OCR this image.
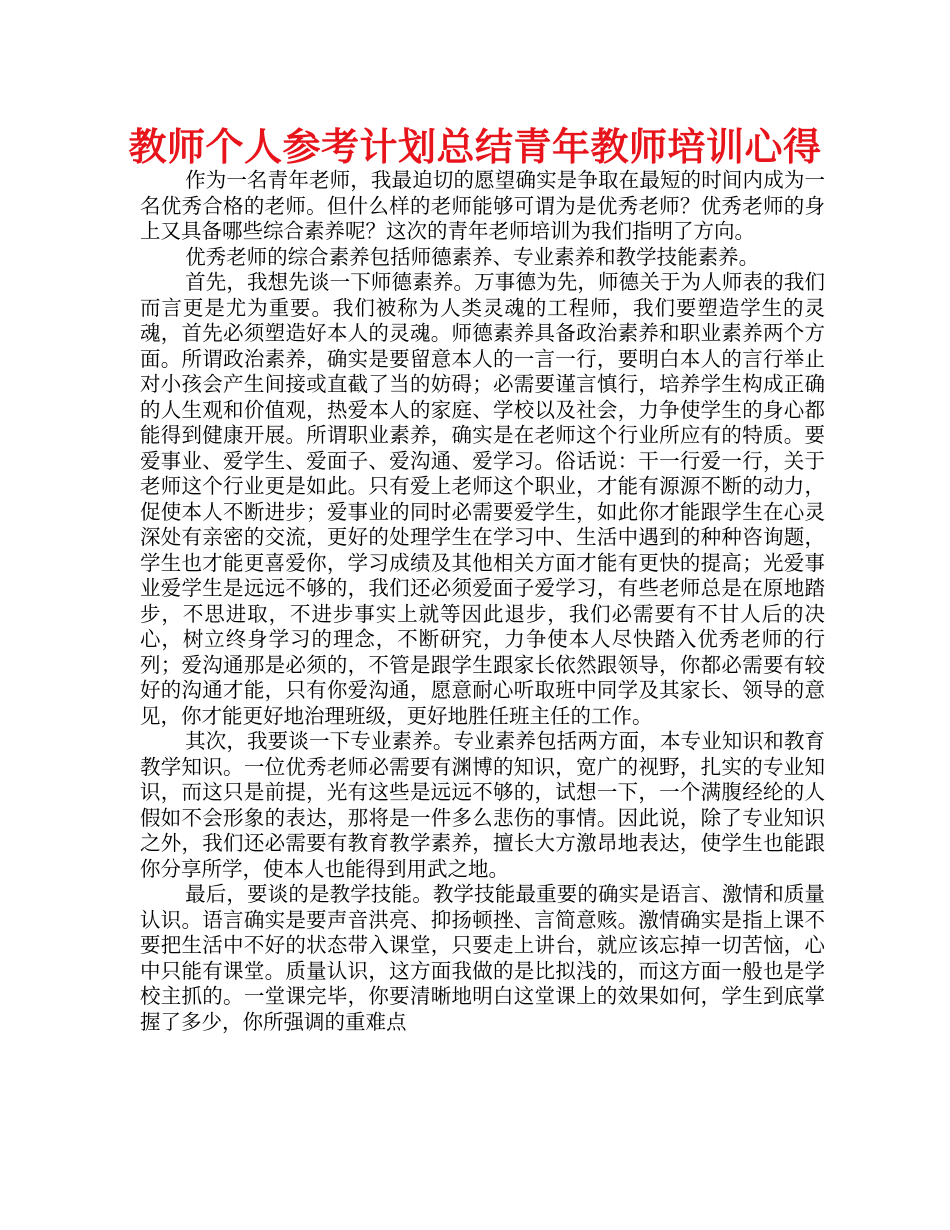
教师个人参考计划总结青年教师培训心得

作为一名青年老师，我最迫切的愿望确实是争取在最短的时间内成为一名优秀合格的老师。但什么样的老师能够可谓为是优秀老师？优秀老师的身上又具备哪些综合素养呢？这次的青年老师培训为我们指明了方向。

优秀老师的综合素养包括师德素养、专业素养和教学技能素养。

首先，我想先谈一下师德素养。万事德为先，师德关于为人师表的我们而言更是尤为重要。我们被称为人类灵魂的工程师，我们要塑造学生的灵魂，首先必须塑造好本人的灵魂。师德素养具备政治素养和职业素养两个方面。所谓政治素养，确实是要留意本人的一言一行，要明白本人的言行举止对小孩会产生间接或直截了当的妨碍；必需要谨言慎行，培养学生构成正确的人生观和价值观，热爱本人的家庭、学校以及社会，力争使学生的身心都能得到健康开展。所谓职业素养，确实是在老师这个行业所应有的特质。要爱事业、爱学生、爱面子、爱沟通、爱学习。俗话说：干一行爱一行，关于老师这个行业更是如此。只有爱上老师这个职业，才能有源源不断的动力，促使本人不断进步；爱事业的同时必需要爱学生，如此你才能跟学生在心灵深处有亲密的交流，更好的处理学生在学习中、生活中遇到的种种咨询题，学生也才能更喜爱你，学习成绩及其他相关方面才能有更快的提高；光爱事业爱学生是远远不够的，我们还必须爱面子爱学习，有些老师总是在原地踏步，不思进取，不进步事实上就等因此退步，我们必需要有不甘人后的决心，树立终身学习的理念，不断研究，力争使本人尽快踏入优秀老师的行列；爱沟通那是必须的，不管是跟学生跟家长依然跟领导，你都必需要有较好的沟通才能，只有你爱沟通，愿意耐心听取班中同学及其家长、领导的意见，你才能更好地治理班级，更好地胜任班主任的工作。

其次，我要谈一下专业素养。专业素养包括两方面，本专业知识和教育教学知识。一位优秀老师必需要有渊博的知识，宽广的视野，扎实的专业知识，而这只是前提，光有这些是远远不够的，试想一下，一个满腹经纶的人假如不会形象的表达，那将是一件多么悲伤的事情。因此说，除了专业知识之外，我们还必需要有教育教学素养，擅长大方激昂地表达，使学生也能跟你分享所学，使本人也能得到用武之地。

最后，要谈的是教学技能。教学技能最重要的确实是语言、激情和质量认识。语言确实是要声音洪亮、抑扬顿挫、言简意赅。激情确实是指上课不要把生活中不好的状态带入课堂，只要走上讲台，就应该忘掉一切苦恼，心中只能有课堂。质量认识，这方面我做的是比拟浅的，而这方面一般也是学校主抓的。一堂课完毕，你要清晰地明白这堂课上的效果如何，学生到底掌握了多少，你所强调的重难点
